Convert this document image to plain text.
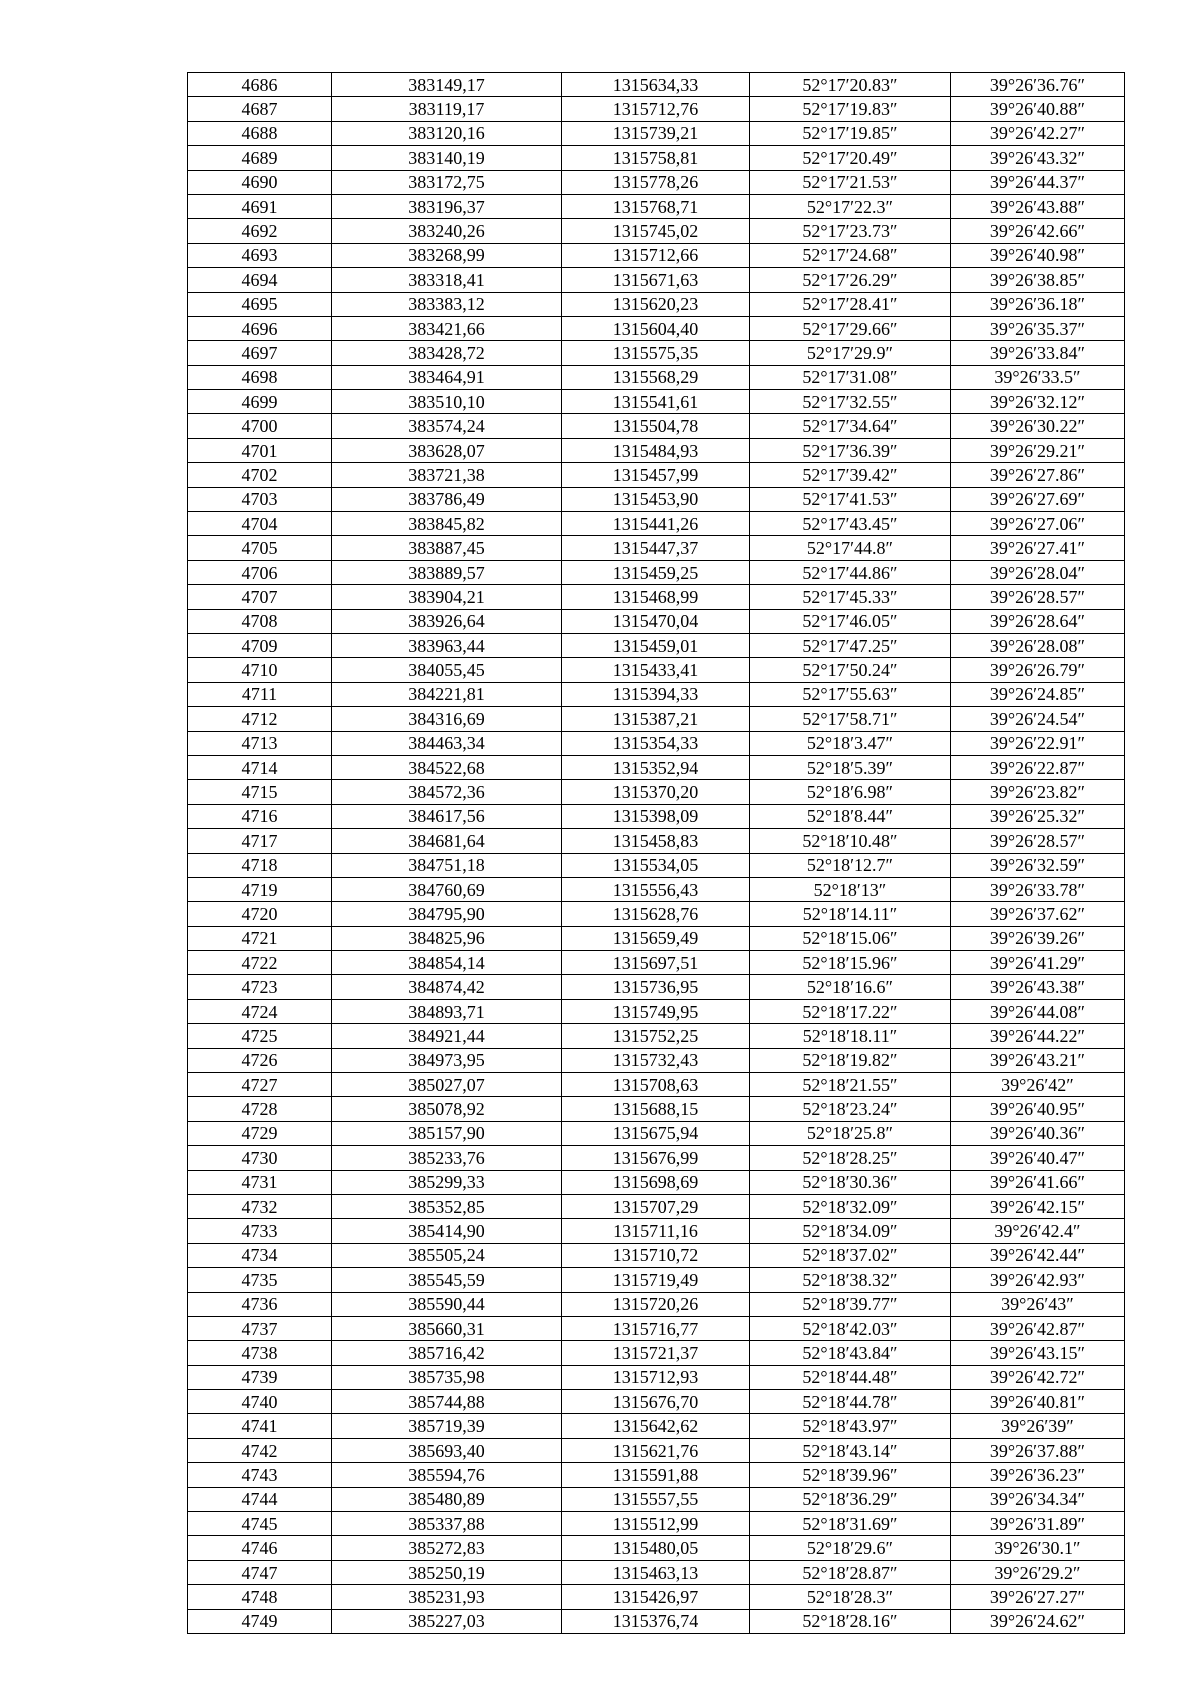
4686	383149,17	1315634,33	52°17′20.83″	39°26′36.76″
4687	383119,17	1315712,76	52°17′19.83″	39°26′40.88″
4688	383120,16	1315739,21	52°17′19.85″	39°26′42.27″
4689	383140,19	1315758,81	52°17′20.49″	39°26′43.32″
4690	383172,75	1315778,26	52°17′21.53″	39°26′44.37″
4691	383196,37	1315768,71	52°17′22.3″	39°26′43.88″
4692	383240,26	1315745,02	52°17′23.73″	39°26′42.66″
4693	383268,99	1315712,66	52°17′24.68″	39°26′40.98″
4694	383318,41	1315671,63	52°17′26.29″	39°26′38.85″
4695	383383,12	1315620,23	52°17′28.41″	39°26′36.18″
4696	383421,66	1315604,40	52°17′29.66″	39°26′35.37″
4697	383428,72	1315575,35	52°17′29.9″	39°26′33.84″
4698	383464,91	1315568,29	52°17′31.08″	39°26′33.5″
4699	383510,10	1315541,61	52°17′32.55″	39°26′32.12″
4700	383574,24	1315504,78	52°17′34.64″	39°26′30.22″
4701	383628,07	1315484,93	52°17′36.39″	39°26′29.21″
4702	383721,38	1315457,99	52°17′39.42″	39°26′27.86″
4703	383786,49	1315453,90	52°17′41.53″	39°26′27.69″
4704	383845,82	1315441,26	52°17′43.45″	39°26′27.06″
4705	383887,45	1315447,37	52°17′44.8″	39°26′27.41″
4706	383889,57	1315459,25	52°17′44.86″	39°26′28.04″
4707	383904,21	1315468,99	52°17′45.33″	39°26′28.57″
4708	383926,64	1315470,04	52°17′46.05″	39°26′28.64″
4709	383963,44	1315459,01	52°17′47.25″	39°26′28.08″
4710	384055,45	1315433,41	52°17′50.24″	39°26′26.79″
4711	384221,81	1315394,33	52°17′55.63″	39°26′24.85″
4712	384316,69	1315387,21	52°17′58.71″	39°26′24.54″
4713	384463,34	1315354,33	52°18′3.47″	39°26′22.91″
4714	384522,68	1315352,94	52°18′5.39″	39°26′22.87″
4715	384572,36	1315370,20	52°18′6.98″	39°26′23.82″
4716	384617,56	1315398,09	52°18′8.44″	39°26′25.32″
4717	384681,64	1315458,83	52°18′10.48″	39°26′28.57″
4718	384751,18	1315534,05	52°18′12.7″	39°26′32.59″
4719	384760,69	1315556,43	52°18′13″	39°26′33.78″
4720	384795,90	1315628,76	52°18′14.11″	39°26′37.62″
4721	384825,96	1315659,49	52°18′15.06″	39°26′39.26″
4722	384854,14	1315697,51	52°18′15.96″	39°26′41.29″
4723	384874,42	1315736,95	52°18′16.6″	39°26′43.38″
4724	384893,71	1315749,95	52°18′17.22″	39°26′44.08″
4725	384921,44	1315752,25	52°18′18.11″	39°26′44.22″
4726	384973,95	1315732,43	52°18′19.82″	39°26′43.21″
4727	385027,07	1315708,63	52°18′21.55″	39°26′42″
4728	385078,92	1315688,15	52°18′23.24″	39°26′40.95″
4729	385157,90	1315675,94	52°18′25.8″	39°26′40.36″
4730	385233,76	1315676,99	52°18′28.25″	39°26′40.47″
4731	385299,33	1315698,69	52°18′30.36″	39°26′41.66″
4732	385352,85	1315707,29	52°18′32.09″	39°26′42.15″
4733	385414,90	1315711,16	52°18′34.09″	39°26′42.4″
4734	385505,24	1315710,72	52°18′37.02″	39°26′42.44″
4735	385545,59	1315719,49	52°18′38.32″	39°26′42.93″
4736	385590,44	1315720,26	52°18′39.77″	39°26′43″
4737	385660,31	1315716,77	52°18′42.03″	39°26′42.87″
4738	385716,42	1315721,37	52°18′43.84″	39°26′43.15″
4739	385735,98	1315712,93	52°18′44.48″	39°26′42.72″
4740	385744,88	1315676,70	52°18′44.78″	39°26′40.81″
4741	385719,39	1315642,62	52°18′43.97″	39°26′39″
4742	385693,40	1315621,76	52°18′43.14″	39°26′37.88″
4743	385594,76	1315591,88	52°18′39.96″	39°26′36.23″
4744	385480,89	1315557,55	52°18′36.29″	39°26′34.34″
4745	385337,88	1315512,99	52°18′31.69″	39°26′31.89″
4746	385272,83	1315480,05	52°18′29.6″	39°26′30.1″
4747	385250,19	1315463,13	52°18′28.87″	39°26′29.2″
4748	385231,93	1315426,97	52°18′28.3″	39°26′27.27″
4749	385227,03	1315376,74	52°18′28.16″	39°26′24.62″
